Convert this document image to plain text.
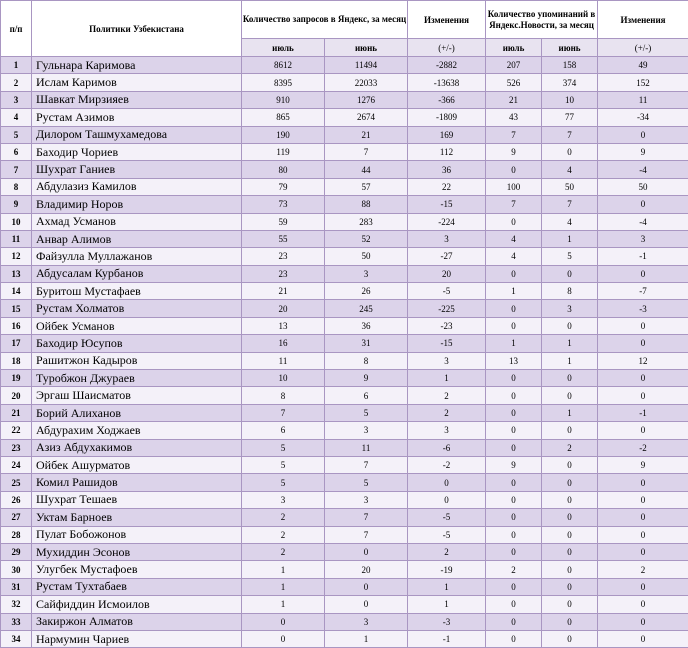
п/п	Политики Узбекистана	Количество запросов в Яндекс, за месяц		Изменения	Количество упоминаний в Яндекс.Новости, за месяц		Изменения
		июль	июнь	(+/-)	июль	июнь	(+/-)
1	Гульнара Каримова	8612	11494	-2882	207	158	49
2	Ислам Каримов	8395	22033	-13638	526	374	152
3	Шавкат Мирзияев	910	1276	-366	21	10	11
4	Рустам Азимов	865	2674	-1809	43	77	-34
5	Дилором Ташмухамедова	190	21	169	7	7	0
6	Баходир Чориев	119	7	112	9	0	9
7	Шухрат Ганиев	80	44	36	0	4	-4
8	Абдулазиз Камилов	79	57	22	100	50	50
9	Владимир Норов	73	88	-15	7	7	0
10	Ахмад Усманов	59	283	-224	0	4	-4
11	Анвар Алимов	55	52	3	4	1	3
12	Файзулла Муллажанов	23	50	-27	4	5	-1
13	Абдусалам Курбанов	23	3	20	0	0	0
14	Буритош Мустафаев	21	26	-5	1	8	-7
15	Рустам Холматов	20	245	-225	0	3	-3
16	Ойбек Усманов	13	36	-23	0	0	0
17	Баходир Юсупов	16	31	-15	1	1	0
18	Рашитжон Кадыров	11	8	3	13	1	12
19	Туробжон Джураев	10	9	1	0	0	0
20	Эргаш Шаисматов	8	6	2	0	0	0
21	Борий Алиханов	7	5	2	0	1	-1
22	Абдурахим Ходжаев	6	3	3	0	0	0
23	Азиз Абдухакимов	5	11	-6	0	2	-2
24	Ойбек Ашурматов	5	7	-2	9	0	9
25	Комил Рашидов	5	5	0	0	0	0
26	Шухрат Тешаев	3	3	0	0	0	0
27	Уктам Барноев	2	7	-5	0	0	0
28	Пулат Бобожонов	2	7	-5	0	0	0
29	Мухиддин Эсонов	2	0	2	0	0	0
30	Улугбек Мустафоев	1	20	-19	2	0	2
31	Рустам Тухтабаев	1	0	1	0	0	0
32	Сайфиддин Исмоилов	1	0	1	0	0	0
33	Закиржон Алматов	0	3	-3	0	0	0
34	Нармумин Чариев	0	1	-1	0	0	0
